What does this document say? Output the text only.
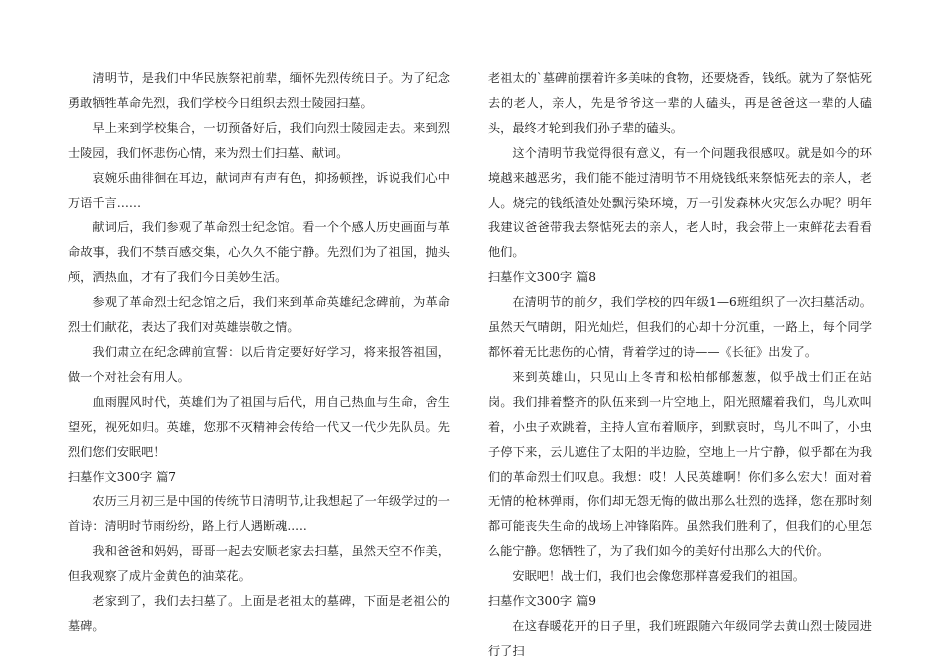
清明节，是我们中华民族祭祀前辈，缅怀先烈传统日子。为了纪念勇敢牺牲革命先烈，我们学校今日组织去烈士陵园扫墓。

早上来到学校集合，一切预备好后，我们向烈士陵园走去。来到烈士陵园，我们怀悲伤心情，来为烈士们扫墓、献词。

哀婉乐曲徘徊在耳边，献词声有声有色，抑扬顿挫，诉说我们心中万语千言……

献词后，我们参观了革命烈士纪念馆。看一个个感人历史画面与革命故事，我们不禁百感交集，心久久不能宁静。先烈们为了祖国，抛头颅，洒热血，才有了我们今日美妙生活。

参观了革命烈士纪念馆之后，我们来到革命英雄纪念碑前，为革命烈士们献花，表达了我们对英雄崇敬之情。

我们肃立在纪念碑前宣誓：以后肯定要好好学习，将来报答祖国，做一个对社会有用人。

血雨腥风时代，英雄们为了祖国与后代，用自己热血与生命，舍生望死，视死如归。英雄，您那不灭精神会传给一代又一代少先队员。先烈们您们安眠吧！

扫墓作文300字 篇7

农历三月初三是中国的传统节日清明节,让我想起了一年级学过的一首诗：清明时节雨纷纷，路上行人遇断魂.....

我和爸爸和妈妈，哥哥一起去安顺老家去扫墓，虽然天空不作美，但我观察了成片金黄色的油菜花。

老家到了，我们去扫墓了。上面是老祖太的墓碑，下面是老祖公的墓碑。

老祖太的`墓碑前摆着许多美味的食物，还要烧香，钱纸。就为了祭惦死去的老人，亲人，先是爷爷这一辈的人磕头，再是爸爸这一辈的人磕头，最终才轮到我们孙子辈的磕头。

这个清明节我觉得很有意义，有一个问题我很感叹。就是如今的环境越来越恶劣，我们能不能过清明节不用烧钱纸来祭惦死去的亲人，老人。烧完的钱纸渣处处飘污染环境，万一引发森林火灾怎么办呢？明年我建议爸爸带我去祭惦死去的亲人，老人时，我会带上一束鲜花去看看他们。

扫墓作文300字 篇8

在清明节的前夕，我们学校的四年级1—6班组织了一次扫墓活动。虽然天气晴朗，阳光灿烂，但我们的心却十分沉重，一路上，每个同学都怀着无比悲伤的心情，背着学过的诗——《长征》出发了。

来到英雄山，只见山上冬青和松柏郁郁葱葱，似乎战士们正在站岗。我们排着整齐的队伍来到一片空地上，阳光照耀着我们，鸟儿欢叫着，小虫子欢跳着，主持人宣布着顺序，到默哀时，鸟儿不叫了，小虫子停下来，云儿遮住了太阳的半边脸，空地上一片宁静，似乎都在为我们的革命烈士们叹息。我想：哎！人民英雄啊！你们多么宏大！面对着无情的枪林弹雨，你们却无怨无悔的做出那么壮烈的选择，您在那时刻都可能丧失生命的战场上冲锋陷阵。虽然我们胜利了，但我们的心里怎么能宁静。您牺牲了，为了我们如今的美好付出那么大的代价。

安眠吧！战士们，我们也会像您那样喜爱我们的祖国。

扫墓作文300字 篇9

在这春暖花开的日子里，我们班跟随六年级同学去黄山烈士陵园进行了扫
